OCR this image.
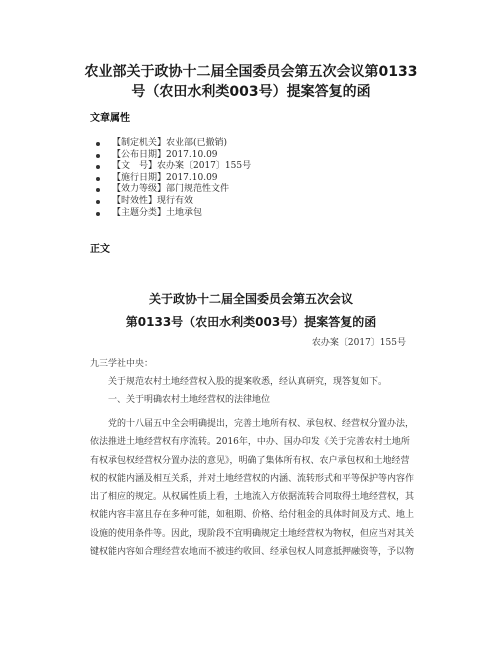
农业部关于政协十二届全国委员会第五次会议第0133
号（农田水利类003号）提案答复的函
文章属性
【制定机关】农业部(已撤销)
【公布日期】2017.10.09
【文　号】农办案〔2017〕155号
【施行日期】2017.10.09
【效力等级】部门规范性文件
【时效性】现行有效
【主题分类】土地承包
正文
关于政协十二届全国委员会第五次会议
第0133号（农田水利类003号）提案答复的函
农办案〔2017〕155号
九三学社中央：
关于规范农村土地经营权入股的提案收悉，经认真研究，现答复如下。
一、关于明确农村土地经营权的法律地位
党的十八届五中全会明确提出，完善土地所有权、承包权、经营权分置办法，
依法推进土地经营权有序流转。2016年，中办、国办印发《关于完善农村土地所
有权承包权经营权分置办法的意见》，明确了集体所有权、农户承包权和土地经营
权的权能内涵及相互关系，并对土地经营权的内涵、流转形式和平等保护等内容作
出了相应的规定。从权属性质上看，土地流入方依据流转合同取得土地经营权，其
权能内容丰富且存在多种可能，如租期、价格、给付租金的具体时间及方式、地上
设施的使用条件等。因此，现阶段不宜明确规定土地经营权为物权，但应当对其关
键权能内容如合理经营农地而不被违约收回、经承包权人同意抵押融资等，予以物
